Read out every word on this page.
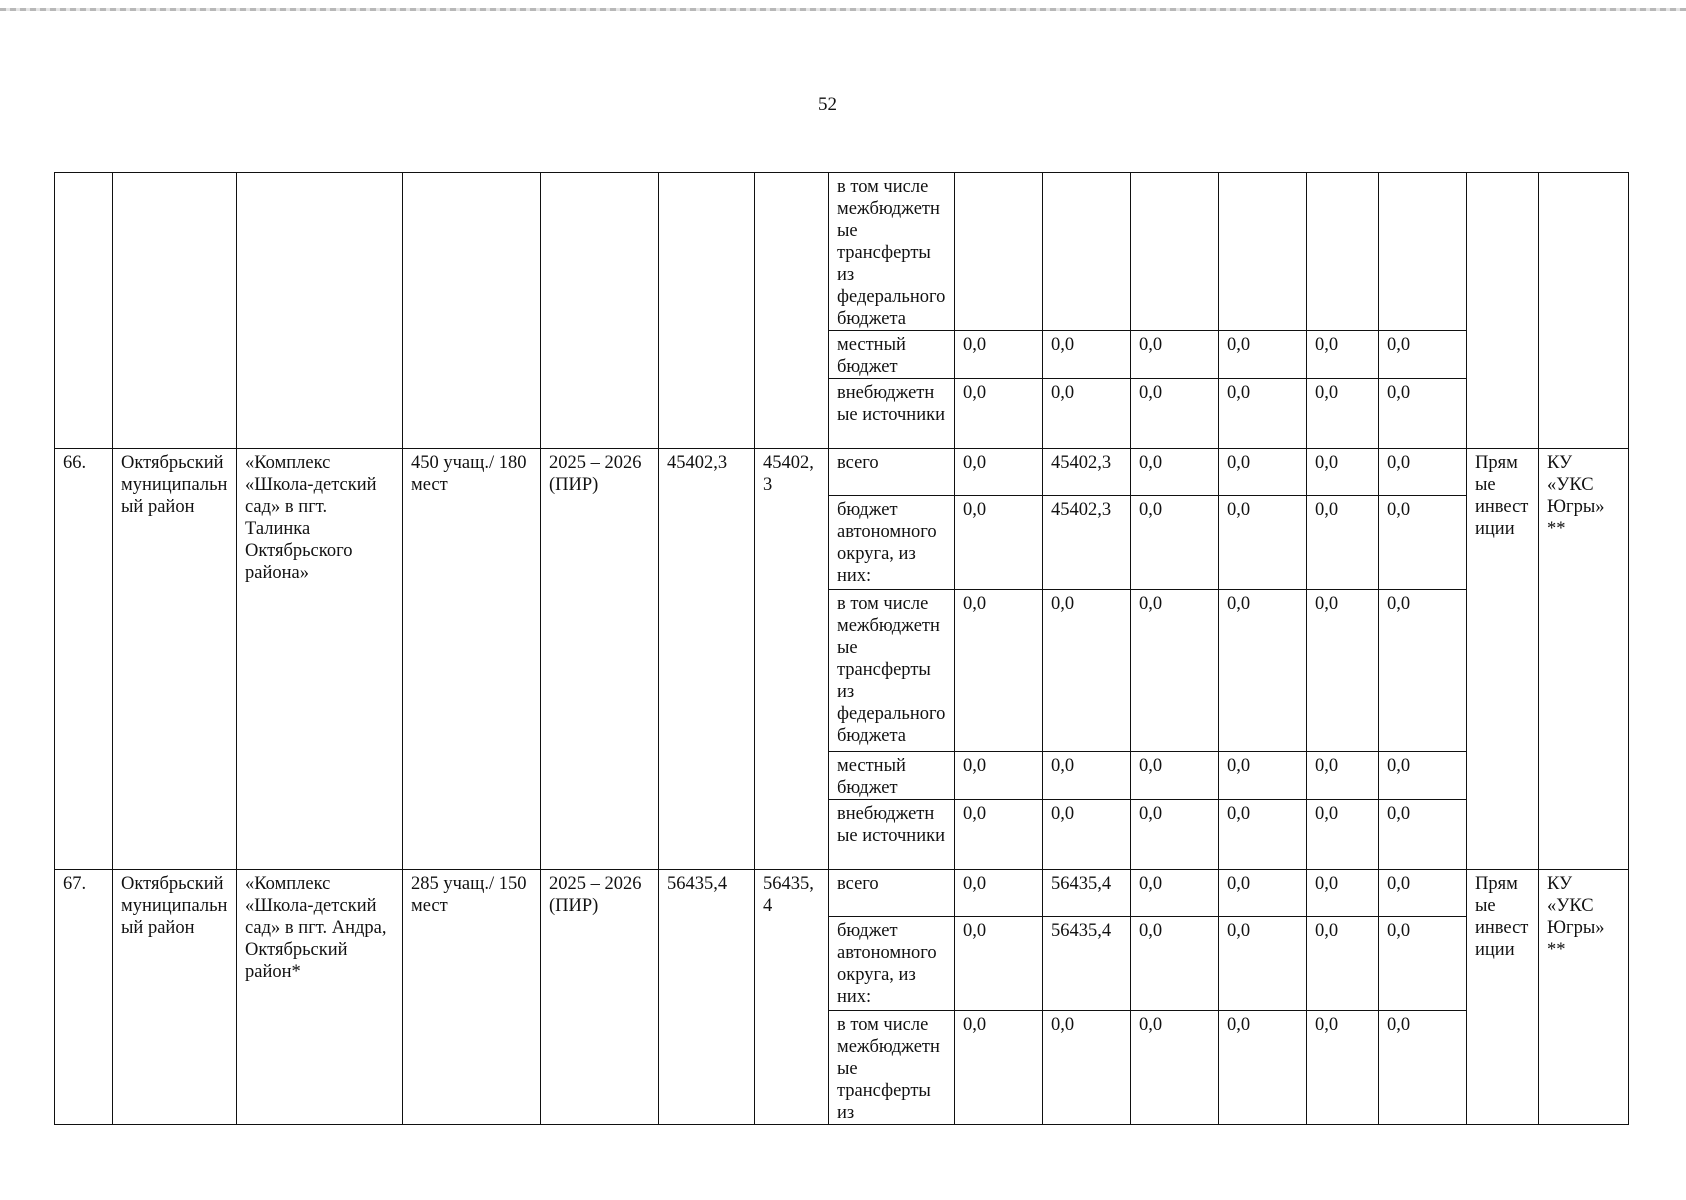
52
							в том числе межбюджетные трансферты из федерального бюджета								
							местный бюджет	0,0	0,0	0,0	0,0	0,0	0,0		
							внебюджетные источники	0,0	0,0	0,0	0,0	0,0	0,0		
66.	Октябрьский муниципальный район	«Комплекс «Школа-детский сад» в пгт. Талинка Октябрьского района»	450 учащ./ 180 мест	2025 – 2026 (ПИР)	45402,3	45402,3	всего	0,0	45402,3	0,0	0,0	0,0	0,0	Прямые инвестиции	КУ «УКС Югры» **
							бюджет автономного округа, из них:	0,0	45402,3	0,0	0,0	0,0	0,0		
							в том числе межбюджетные трансферты из федерального бюджета	0,0	0,0	0,0	0,0	0,0	0,0		
							местный бюджет	0,0	0,0	0,0	0,0	0,0	0,0		
							внебюджетные источники	0,0	0,0	0,0	0,0	0,0	0,0		
67.	Октябрьский муниципальный район	«Комплекс «Школа-детский сад» в пгт. Андра, Октябрьский район*	285 учащ./ 150 мест	2025 – 2026 (ПИР)	56435,4	56435,4	всего	0,0	56435,4	0,0	0,0	0,0	0,0	Прямые инвестиции	КУ «УКС Югры» **
							бюджет автономного округа, из них:	0,0	56435,4	0,0	0,0	0,0	0,0		
							в том числе межбюджетные трансферты из	0,0	0,0	0,0	0,0	0,0	0,0		
